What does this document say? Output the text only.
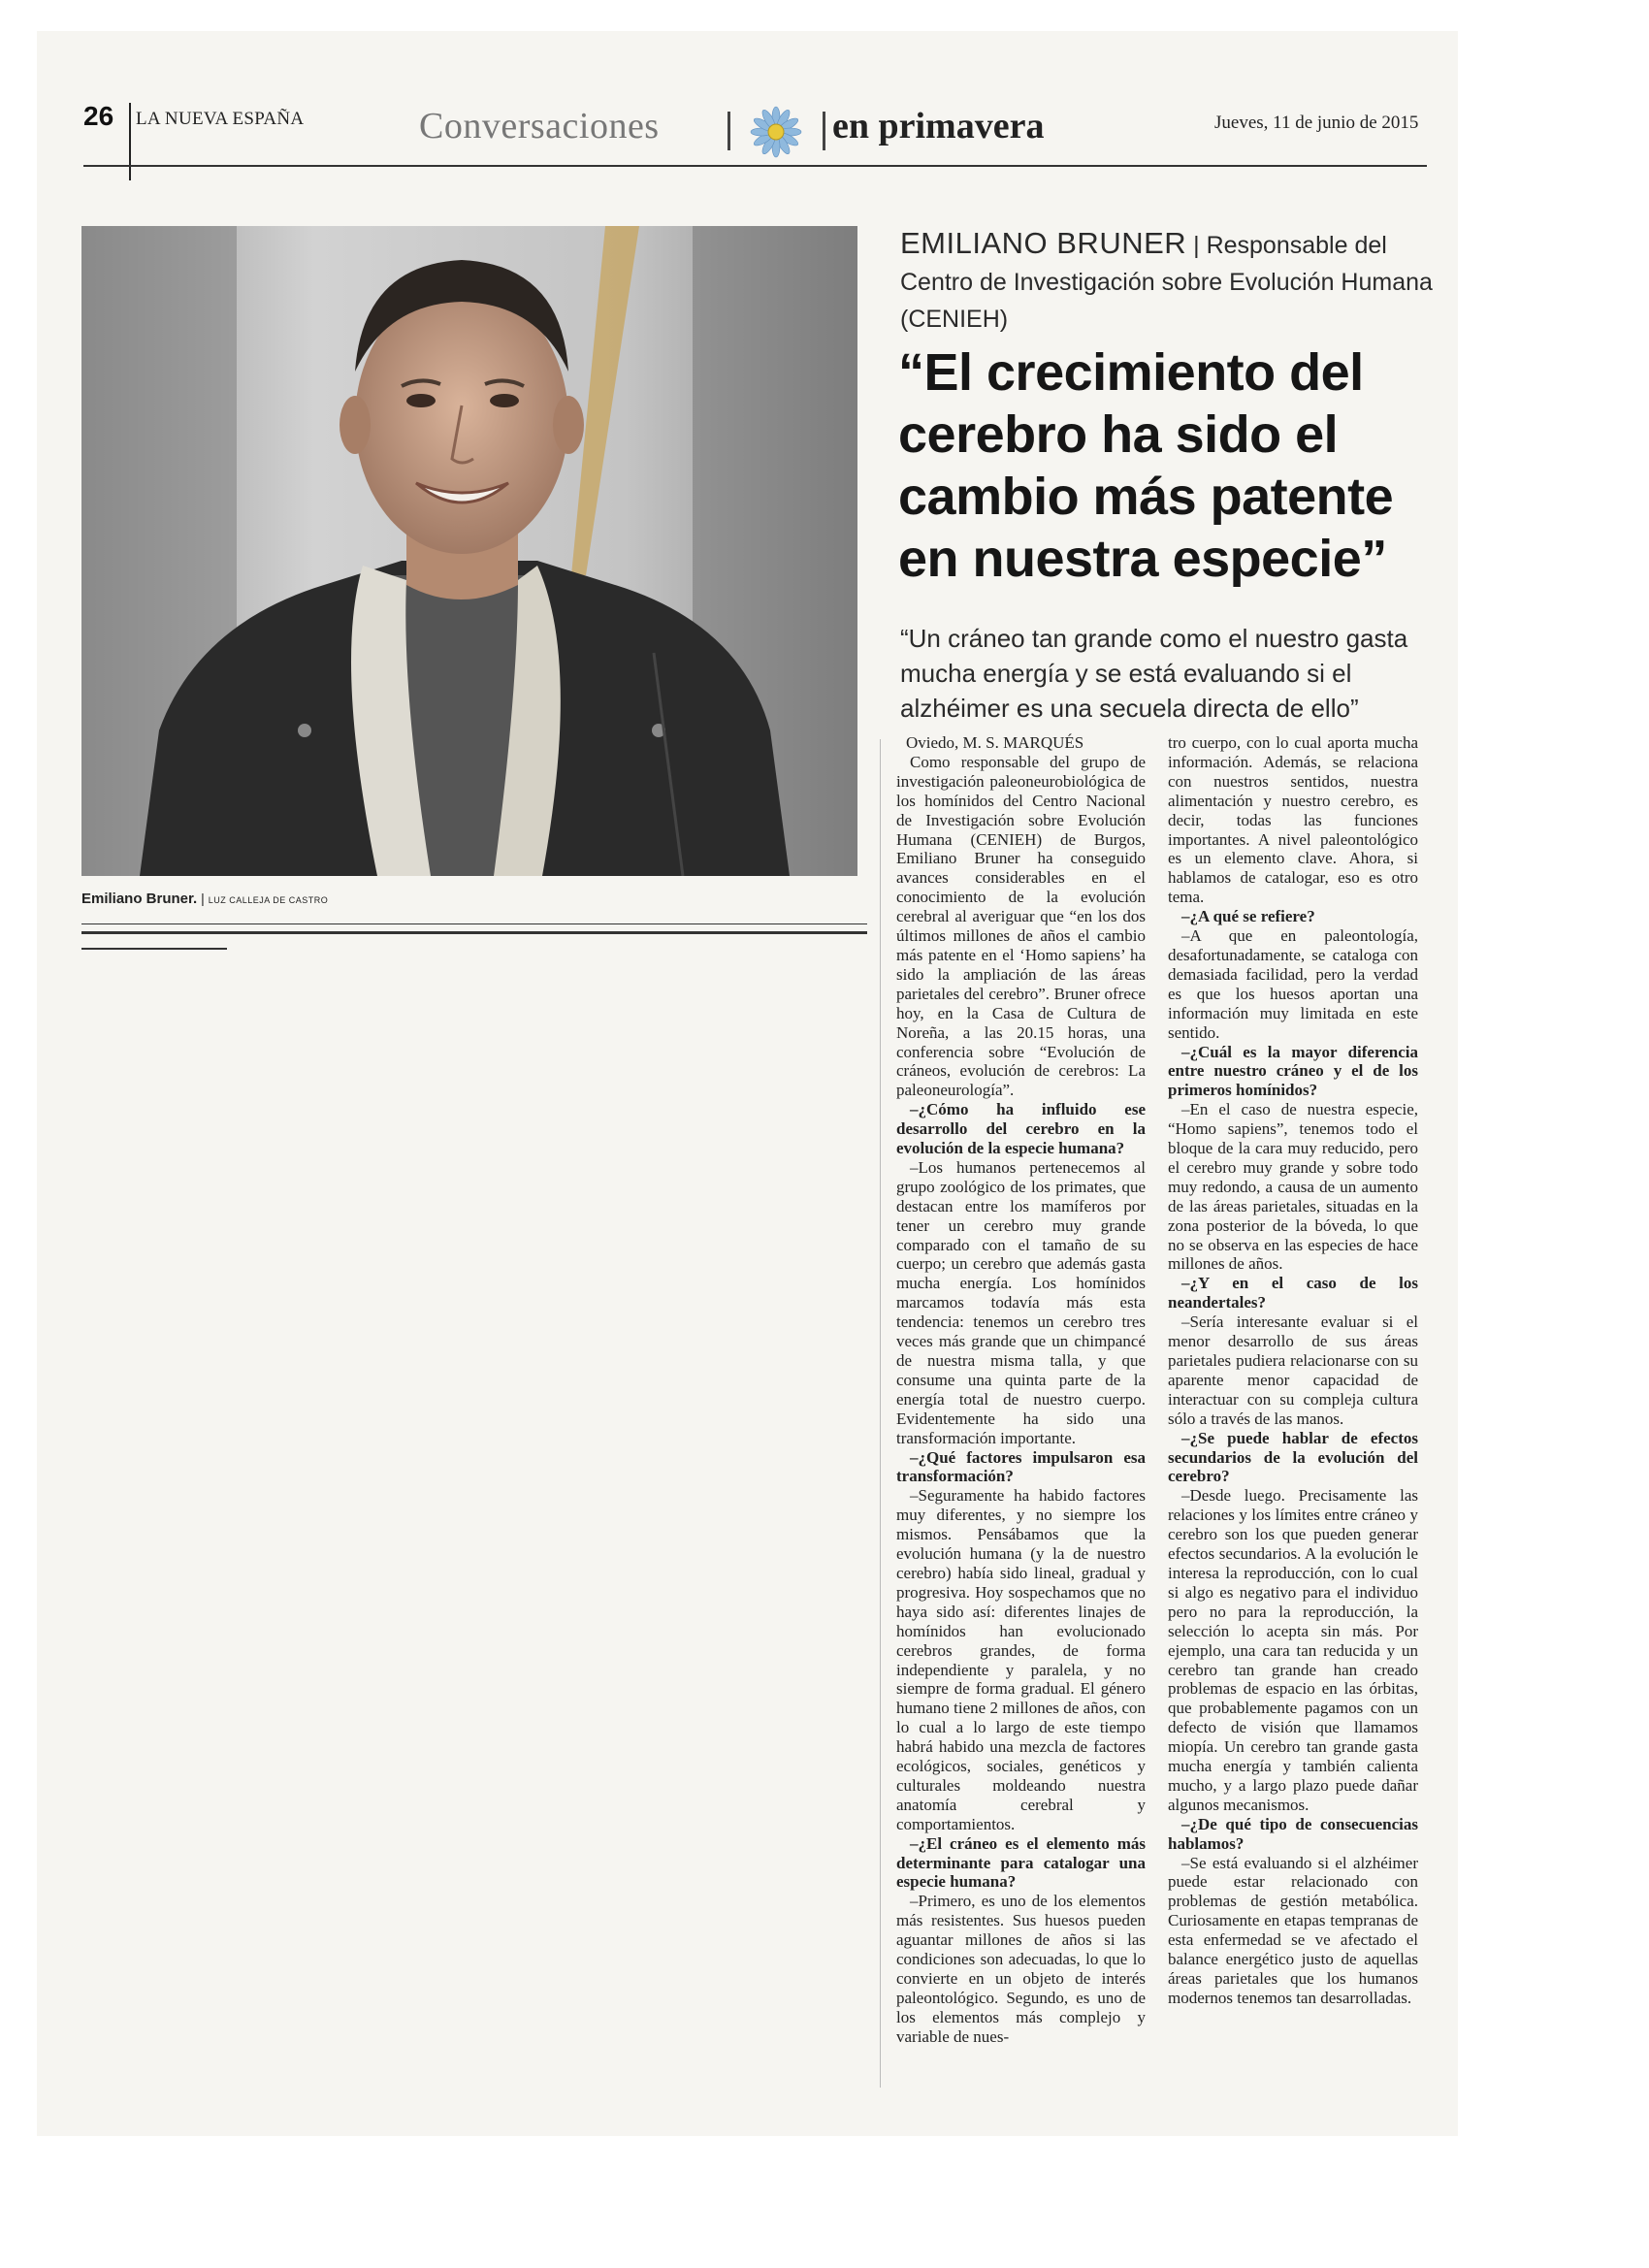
26 LA NUEVA ESPAÑA	Conversaciones	en primavera	Jueves, 11 de junio de 2015
Emiliano Bruner. | LUZ CALLEJA DE CASTRO
EMILIANO BRUNER | Responsable del Centro de Investigación sobre Evolución Humana (CENIEH)
“El crecimiento del cerebro ha sido el cambio más patente en nuestra especie”
“Un cráneo tan grande como el nuestro gasta mucha energía y se está evaluando si el alzhéimer es una secuela directa de ello”

Oviedo, M. S. MARQUÉS

Como responsable del grupo de investigación paleoneurobiológica de los homínidos del Centro Nacional de Investigación sobre Evolución Humana (CENIEH) de Burgos, Emiliano Bruner ha conseguido avances considerables en el conocimiento de la evolución cerebral al averiguar que “en los dos últimos millones de años el cambio más patente en el ‘Homo sapiens’ ha sido la ampliación de las áreas parietales del cerebro”. Bruner ofrece hoy, en la Casa de Cultura de Noreña, a las 20.15 horas, una conferencia sobre “Evolución de cráneos, evolución de cerebros: La paleoneurología”.

–¿Cómo ha influido ese desarrollo del cerebro en la evolución de la especie humana?

–Los humanos pertenecemos al grupo zoológico de los primates, que destacan entre los mamíferos por tener un cerebro muy grande comparado con el tamaño de su cuerpo; un cerebro que además gasta mucha energía. Los homínidos marcamos todavía más esta tendencia: tenemos un cerebro tres veces más grande que un chimpancé de nuestra misma talla, y que consume una quinta parte de la energía total de nuestro cuerpo. Evidentemente ha sido una transformación importante.

–¿Qué factores impulsaron esa transformación?

–Seguramente ha habido factores muy diferentes, y no siempre los mismos. Pensábamos que la evolución humana (y la de nuestro cerebro) había sido lineal, gradual y progresiva. Hoy sospechamos que no haya sido así: diferentes linajes de homínidos han evolucionado cerebros grandes, de forma independiente y paralela, y no siempre de forma gradual. El género humano tiene 2 millones de años, con lo cual a lo largo de este tiempo habrá habido una mezcla de factores ecológicos, sociales, genéticos y culturales moldeando nuestra anatomía cerebral y comportamientos.

–¿El cráneo es el elemento más determinante para catalogar una especie humana?

–Primero, es uno de los elementos más resistentes. Sus huesos pueden aguantar millones de años si las condiciones son adecuadas, lo que lo convierte en un objeto de interés paleontológico. Segundo, es uno de los elementos más complejo y variable de nues-

tro cuerpo, con lo cual aporta mucha información. Además, se relaciona con nuestros sentidos, nuestra alimentación y nuestro cerebro, es decir, todas las funciones importantes. A nivel paleontológico es un elemento clave. Ahora, si hablamos de catalogar, eso es otro tema.

–¿A qué se refiere?

–A que en paleontología, desafortunadamente, se cataloga con demasiada facilidad, pero la verdad es que los huesos aportan una información muy limitada en este sentido.

–¿Cuál es la mayor diferencia entre nuestro cráneo y el de los primeros homínidos?

–En el caso de nuestra especie, “Homo sapiens”, tenemos todo el bloque de la cara muy reducido, pero el cerebro muy grande y sobre todo muy redondo, a causa de un aumento de las áreas parietales, situadas en la zona posterior de la bóveda, lo que no se observa en las especies de hace millones de años.

–¿Y en el caso de los neandertales?

–Sería interesante evaluar si el menor desarrollo de sus áreas parietales pudiera relacionarse con su aparente menor capacidad de interactuar con su compleja cultura sólo a través de las manos.

–¿Se puede hablar de efectos secundarios de la evolución del cerebro?

–Desde luego. Precisamente las relaciones y los límites entre cráneo y cerebro son los que pueden generar efectos secundarios. A la evolución le interesa la reproducción, con lo cual si algo es negativo para el individuo pero no para la reproducción, la selección lo acepta sin más. Por ejemplo, una cara tan reducida y un cerebro tan grande han creado problemas de espacio en las órbitas, que probablemente pagamos con un defecto de visión que llamamos miopía. Un cerebro tan grande gasta mucha energía y también calienta mucho, y a largo plazo puede dañar algunos mecanismos.

–¿De qué tipo de consecuencias hablamos?

–Se está evaluando si el alzhéimer puede estar relacionado con problemas de gestión metabólica. Curiosamente en etapas tempranas de esta enfermedad se ve afectado el balance energético justo de aquellas áreas parietales que los humanos modernos tenemos tan desarrolladas.
